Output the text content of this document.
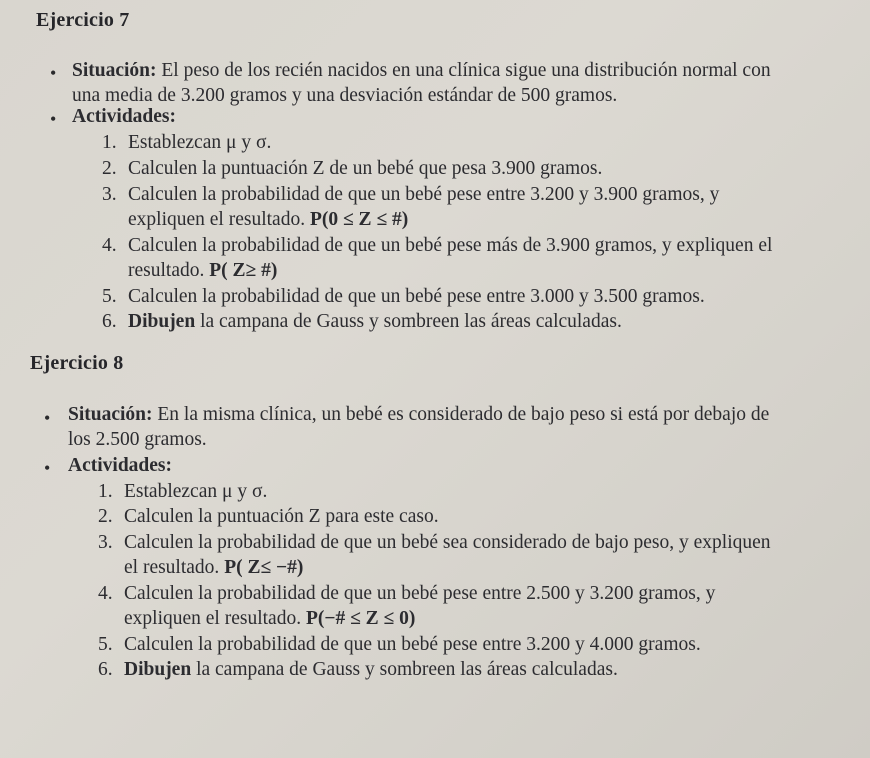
Ejercicio 7
• Situación: El peso de los recién nacidos en una clínica sigue una distribución normal con
una media de 3.200 gramos y una desviación estándar de 500 gramos.
• Actividades:
1. Establezcan μ y σ.
2. Calculen la puntuación Z de un bebé que pesa 3.900 gramos.
3. Calculen la probabilidad de que un bebé pese entre 3.200 y 3.900 gramos, y
expliquen el resultado. P(0 ≤ Z ≤ #)
4. Calculen la probabilidad de que un bebé pese más de 3.900 gramos, y expliquen el
resultado. P( Z≥ #)
5. Calculen la probabilidad de que un bebé pese entre 3.000 y 3.500 gramos.
6. Dibujen la campana de Gauss y sombreen las áreas calculadas.
Ejercicio 8
• Situación: En la misma clínica, un bebé es considerado de bajo peso si está por debajo de
los 2.500 gramos.
• Actividades:
1. Establezcan μ y σ.
2. Calculen la puntuación Z para este caso.
3. Calculen la probabilidad de que un bebé sea considerado de bajo peso, y expliquen
el resultado. P( Z≤ −#)
4. Calculen la probabilidad de que un bebé pese entre 2.500 y 3.200 gramos, y
expliquen el resultado. P(−# ≤ Z ≤ 0)
5. Calculen la probabilidad de que un bebé pese entre 3.200 y 4.000 gramos.
6. Dibujen la campana de Gauss y sombreen las áreas calculadas.
